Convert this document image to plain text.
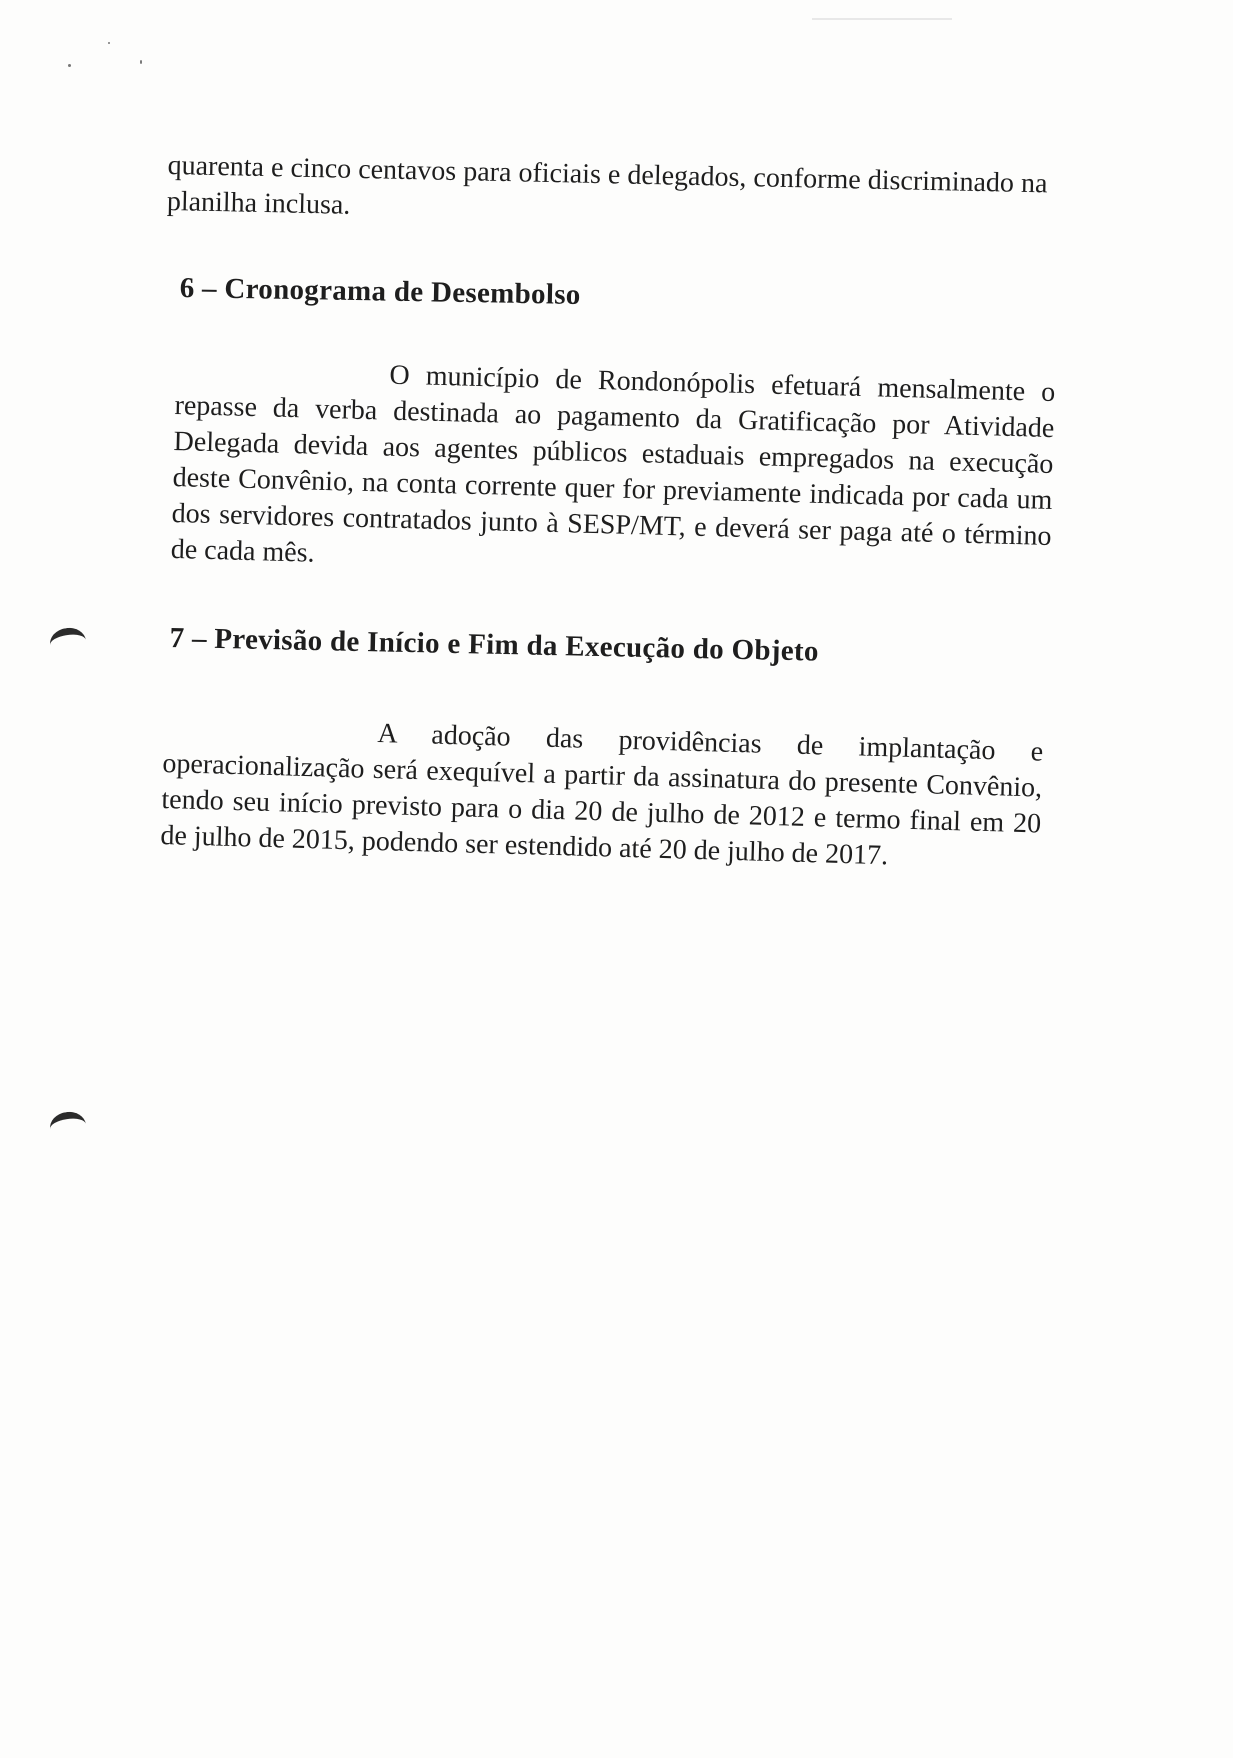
quarenta e cinco centavos para oficiais e delegados, conforme discriminado na planilha inclusa.

6 – Cronograma de Desembolso

O município de Rondonópolis efetuará mensalmente o repasse da verba destinada ao pagamento da Gratificação por Atividade Delegada devida aos agentes públicos estaduais empregados na execução deste Convênio, na conta corrente quer for previamente indicada por cada um dos servidores contratados junto à SESP/MT, e deverá ser paga até o término de cada mês.

7 – Previsão de Início e Fim da Execução do Objeto

A adoção das providências de implantação e operacionalização será exequível a partir da assinatura do presente Convênio, tendo seu início previsto para o dia 20 de julho de 2012 e termo final em 20 de julho de 2015, podendo ser estendido até 20 de julho de 2017.
